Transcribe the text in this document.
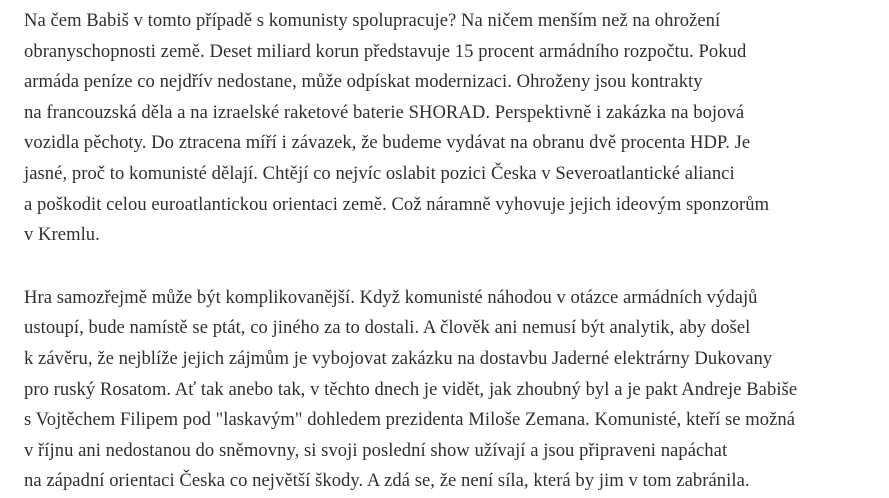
Na čem Babiš v tomto případě s komunisty spolupracuje? Na ničem menším než na ohrožení
obranyschopnosti země. Deset miliard korun představuje 15 procent armádního rozpočtu. Pokud
armáda peníze co nejdřív nedostane, může odpískat modernizaci. Ohroženy jsou kontrakty
na francouzská děla a na izraelské raketové baterie SHORAD. Perspektivně i zakázka na bojová
vozidla pěchoty. Do ztracena míří i závazek, že budeme vydávat na obranu dvě procenta HDP. Je
jasné, proč to komunisté dělají. Chtějí co nejvíc oslabit pozici Česka v Severoatlantické alianci
a poškodit celou euroatlantickou orientaci země. Což náramně vyhovuje jejich ideovým sponzorům
v Kremlu.

Hra samozřejmě může být komplikovanější. Když komunisté náhodou v otázce armádních výdajů
ustoupí, bude namístě se ptát, co jiného za to dostali. A člověk ani nemusí být analytik, aby došel
k závěru, že nejblíže jejich zájmům je vybojovat zakázku na dostavbu Jaderné elektrárny Dukovany
pro ruský Rosatom. Ať tak anebo tak, v těchto dnech je vidět, jak zhoubný byl a je pakt Andreje Babiše
s Vojtěchem Filipem pod "laskavým" dohledem prezidenta Miloše Zemana. Komunisté, kteří se možná
v říjnu ani nedostanou do sněmovny, si svoji poslední show užívají a jsou připraveni napáchat
na západní orientaci Česka co největší škody. A zdá se, že není síla, která by jim v tom zabránila.
